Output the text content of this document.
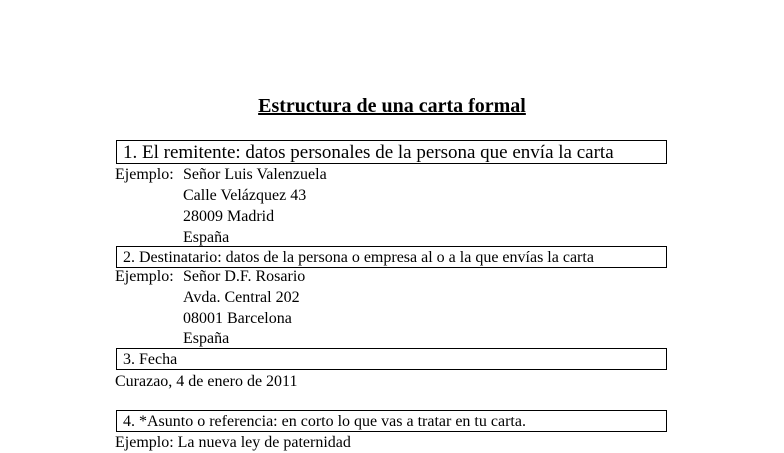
Estructura de una carta formal
1. El remitente: datos personales de la persona que envía la carta
Ejemplo: Señor Luis Valenzuela
Calle Velázquez 43
28009 Madrid
España
2. Destinatario: datos de la persona o empresa al o a la que envías la carta
Ejemplo: Señor D.F. Rosario
Avda. Central 202
08001 Barcelona
España
3. Fecha
Curazao, 4 de enero de 2011
4. *Asunto o referencia: en corto lo que vas a tratar en tu carta.
Ejemplo: La nueva ley de paternidad
